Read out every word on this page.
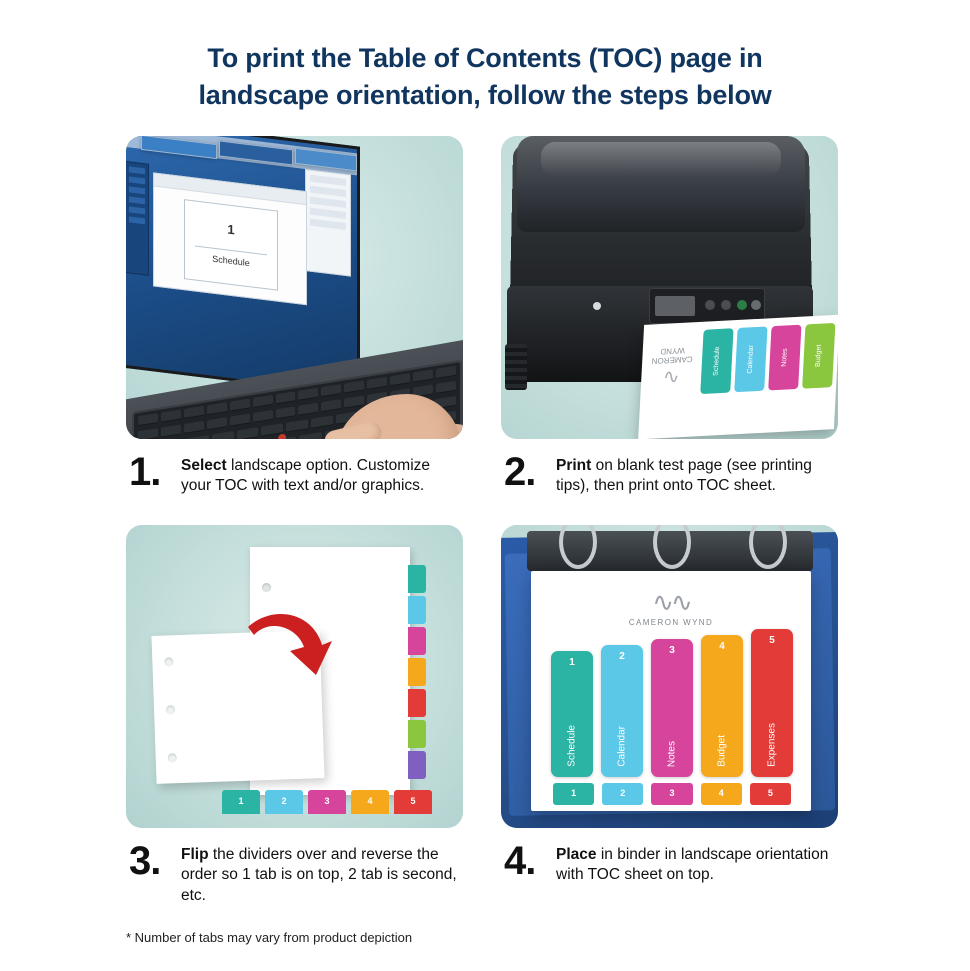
To print the Table of Contents (TOC) page in
landscape orientation, follow the steps below
1
Schedule
1.	Select landscape option. Customize your TOC with text and/or graphics.
∿
CAMERON WYND	Schedule	Calendar	Notes	Budget
2.	Print on blank test page (see printing tips), then print onto TOC sheet.
1	2	3	4	5
3.	Flip the dividers over and reverse the order so 1 tab is on top, 2 tab is second, etc.
∿∿
CAMERON WYND
1
Schedule
2
Calendar
3
Notes
4
Budget
5
Expenses
1	2	3	4	5
4.	Place in binder in landscape orientation with TOC sheet on top.
* Number of tabs may vary from product depiction
